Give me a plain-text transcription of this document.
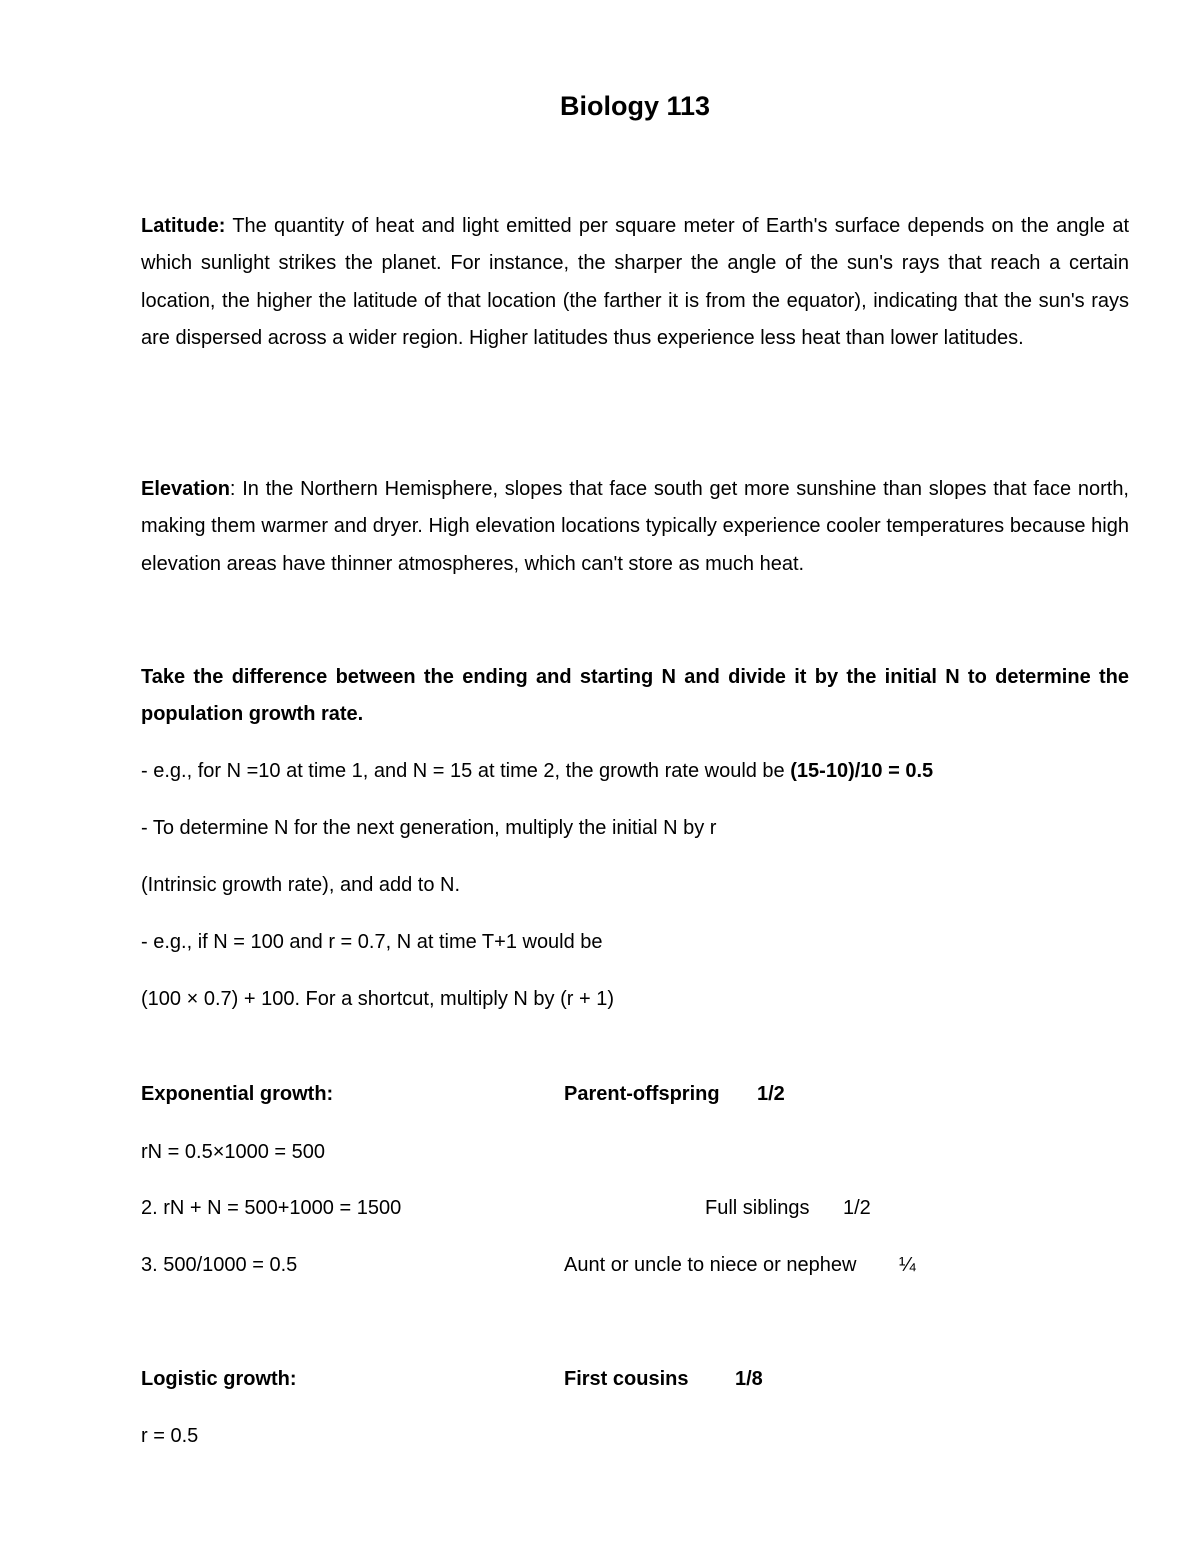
Biology 113
Latitude: The quantity of heat and light emitted per square meter of Earth's surface depends on the angle at which sunlight strikes the planet. For instance, the sharper the angle of the sun's rays that reach a certain location, the higher the latitude of that location (the farther it is from the equator), indicating that the sun's rays are dispersed across a wider region. Higher latitudes thus experience less heat than lower latitudes.
Elevation: In the Northern Hemisphere, slopes that face south get more sunshine than slopes that face north, making them warmer and dryer. High elevation locations typically experience cooler temperatures because high elevation areas have thinner atmospheres, which can't store as much heat.
Take the difference between the ending and starting N and divide it by the initial N to determine the population growth rate.
- e.g., for N =10 at time 1, and N = 15 at time 2, the growth rate would be (15-10)/10 = 0.5
- To determine N for the next generation, multiply the initial N by r
(Intrinsic growth rate), and add to N.
- e.g., if N = 100 and r = 0.7, N at time T+1 would be
(100 × 0.7) + 100. For a shortcut, multiply N by (r + 1)
Exponential growth:
rN = 0.5×1000 = 500
2. rN + N = 500+1000 = 1500
3. 500/1000 = 0.5
Parent-offspring 1/2
Full siblings 1/2
Aunt or uncle to niece or nephew ¼
Logistic growth:	First cousins 1/8
r = 0.5
